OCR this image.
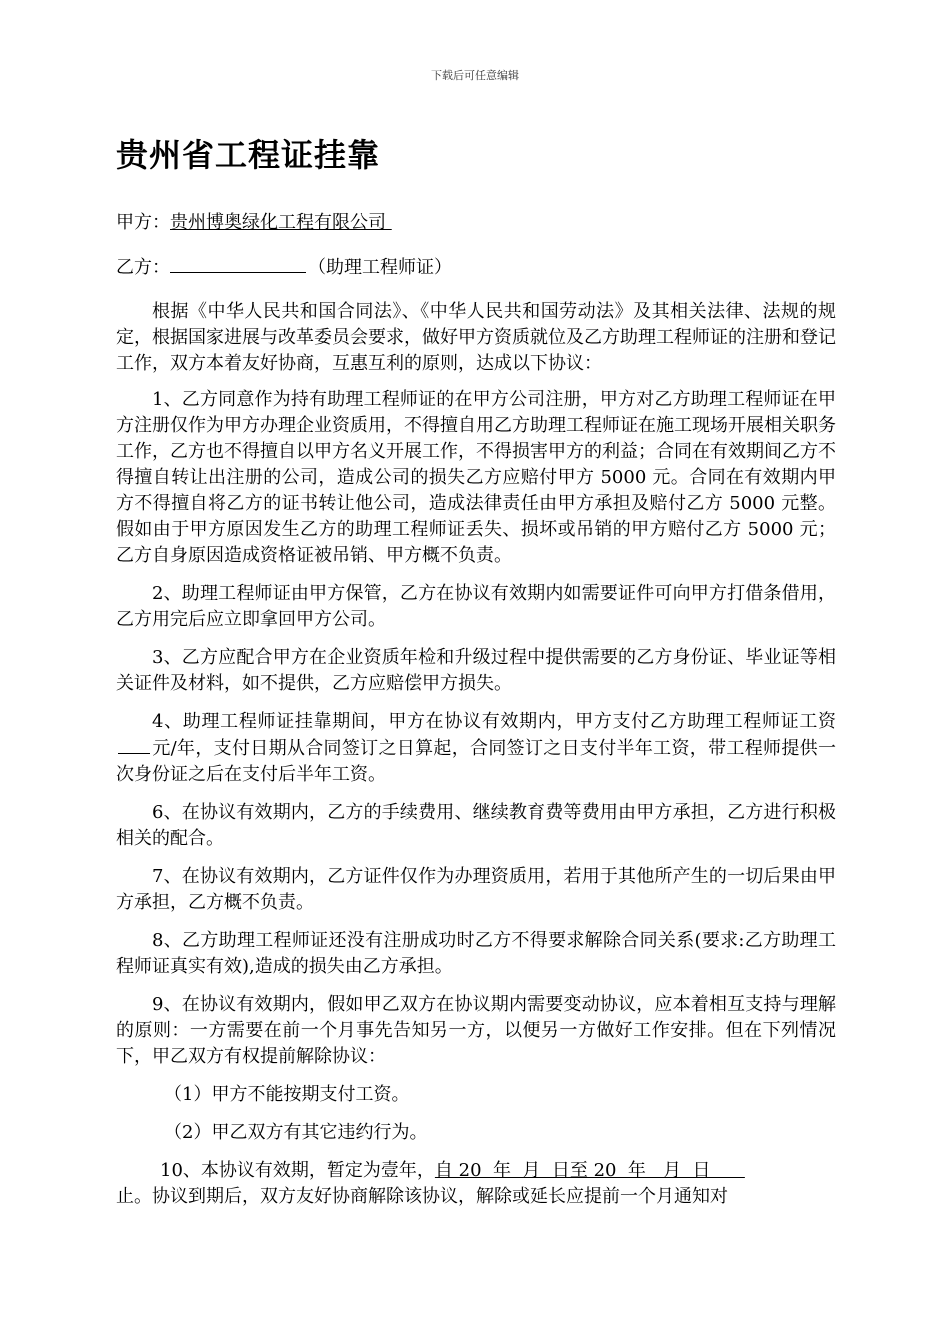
下载后可任意编辑
贵州省工程证挂靠

甲方：贵州博奥绿化工程有限公司

乙方：	（助理工程师证）

根据《中华人民共和国合同法》、《中华人民共和国劳动法》及其相关法律、法规的规定，根据国家进展与改革委员会要求，做好甲方资质就位及乙方助理工程师证的注册和登记工作，双方本着友好协商，互惠互利的原则，达成以下协议：

1、乙方同意作为持有助理工程师证的在甲方公司注册，甲方对乙方助理工程师证在甲方注册仅作为甲方办理企业资质用，不得擅自用乙方助理工程师证在施工现场开展相关职务工作，乙方也不得擅自以甲方名义开展工作，不得损害甲方的利益；合同在有效期间乙方不得擅自转让出注册的公司，造成公司的损失乙方应赔付甲方 5000 元。合同在有效期内甲方不得擅自将乙方的证书转让他公司，造成法律责任由甲方承担及赔付乙方 5000 元整。假如由于甲方原因发生乙方的助理工程师证丢失、损坏或吊销的甲方赔付乙方 5000 元；乙方自身原因造成资格证被吊销、甲方概不负责。

2、助理工程师证由甲方保管，乙方在协议有效期内如需要证件可向甲方打借条借用，乙方用完后应立即拿回甲方公司。

3、乙方应配合甲方在企业资质年检和升级过程中提供需要的乙方身份证、毕业证等相关证件及材料，如不提供，乙方应赔偿甲方损失。

4、助理工程师证挂靠期间，甲方在协议有效期内，甲方支付乙方助理工程师证工资元/年，支付日期从合同签订之日算起，合同签订之日支付半年工资，带工程师提供一次身份证之后在支付后半年工资。

6、在协议有效期内，乙方的手续费用、继续教育费等费用由甲方承担，乙方进行积极相关的配合。

7、在协议有效期内，乙方证件仅作为办理资质用，若用于其他所产生的一切后果由甲方承担，乙方概不负责。

8、乙方助理工程师证还没有注册成功时乙方不得要求解除合同关系(要求:乙方助理工程师证真实有效),造成的损失由乙方承担。

9、在协议有效期内，假如甲乙双方在协议期内需要变动协议，应本着相互支持与理解的原则：一方需要在前一个月事先告知另一方，以便另一方做好工作安排。但在下列情况下，甲乙双方有权提前解除协议：

（1）甲方不能按期支付工资。

（2）甲乙双方有其它违约行为。

10、本协议有效期，暂定为壹年，自 20  年  月  日至 20  年   月  日

止。协议到期后，双方友好协商解除该协议，解除或延长应提前一个月通知对
